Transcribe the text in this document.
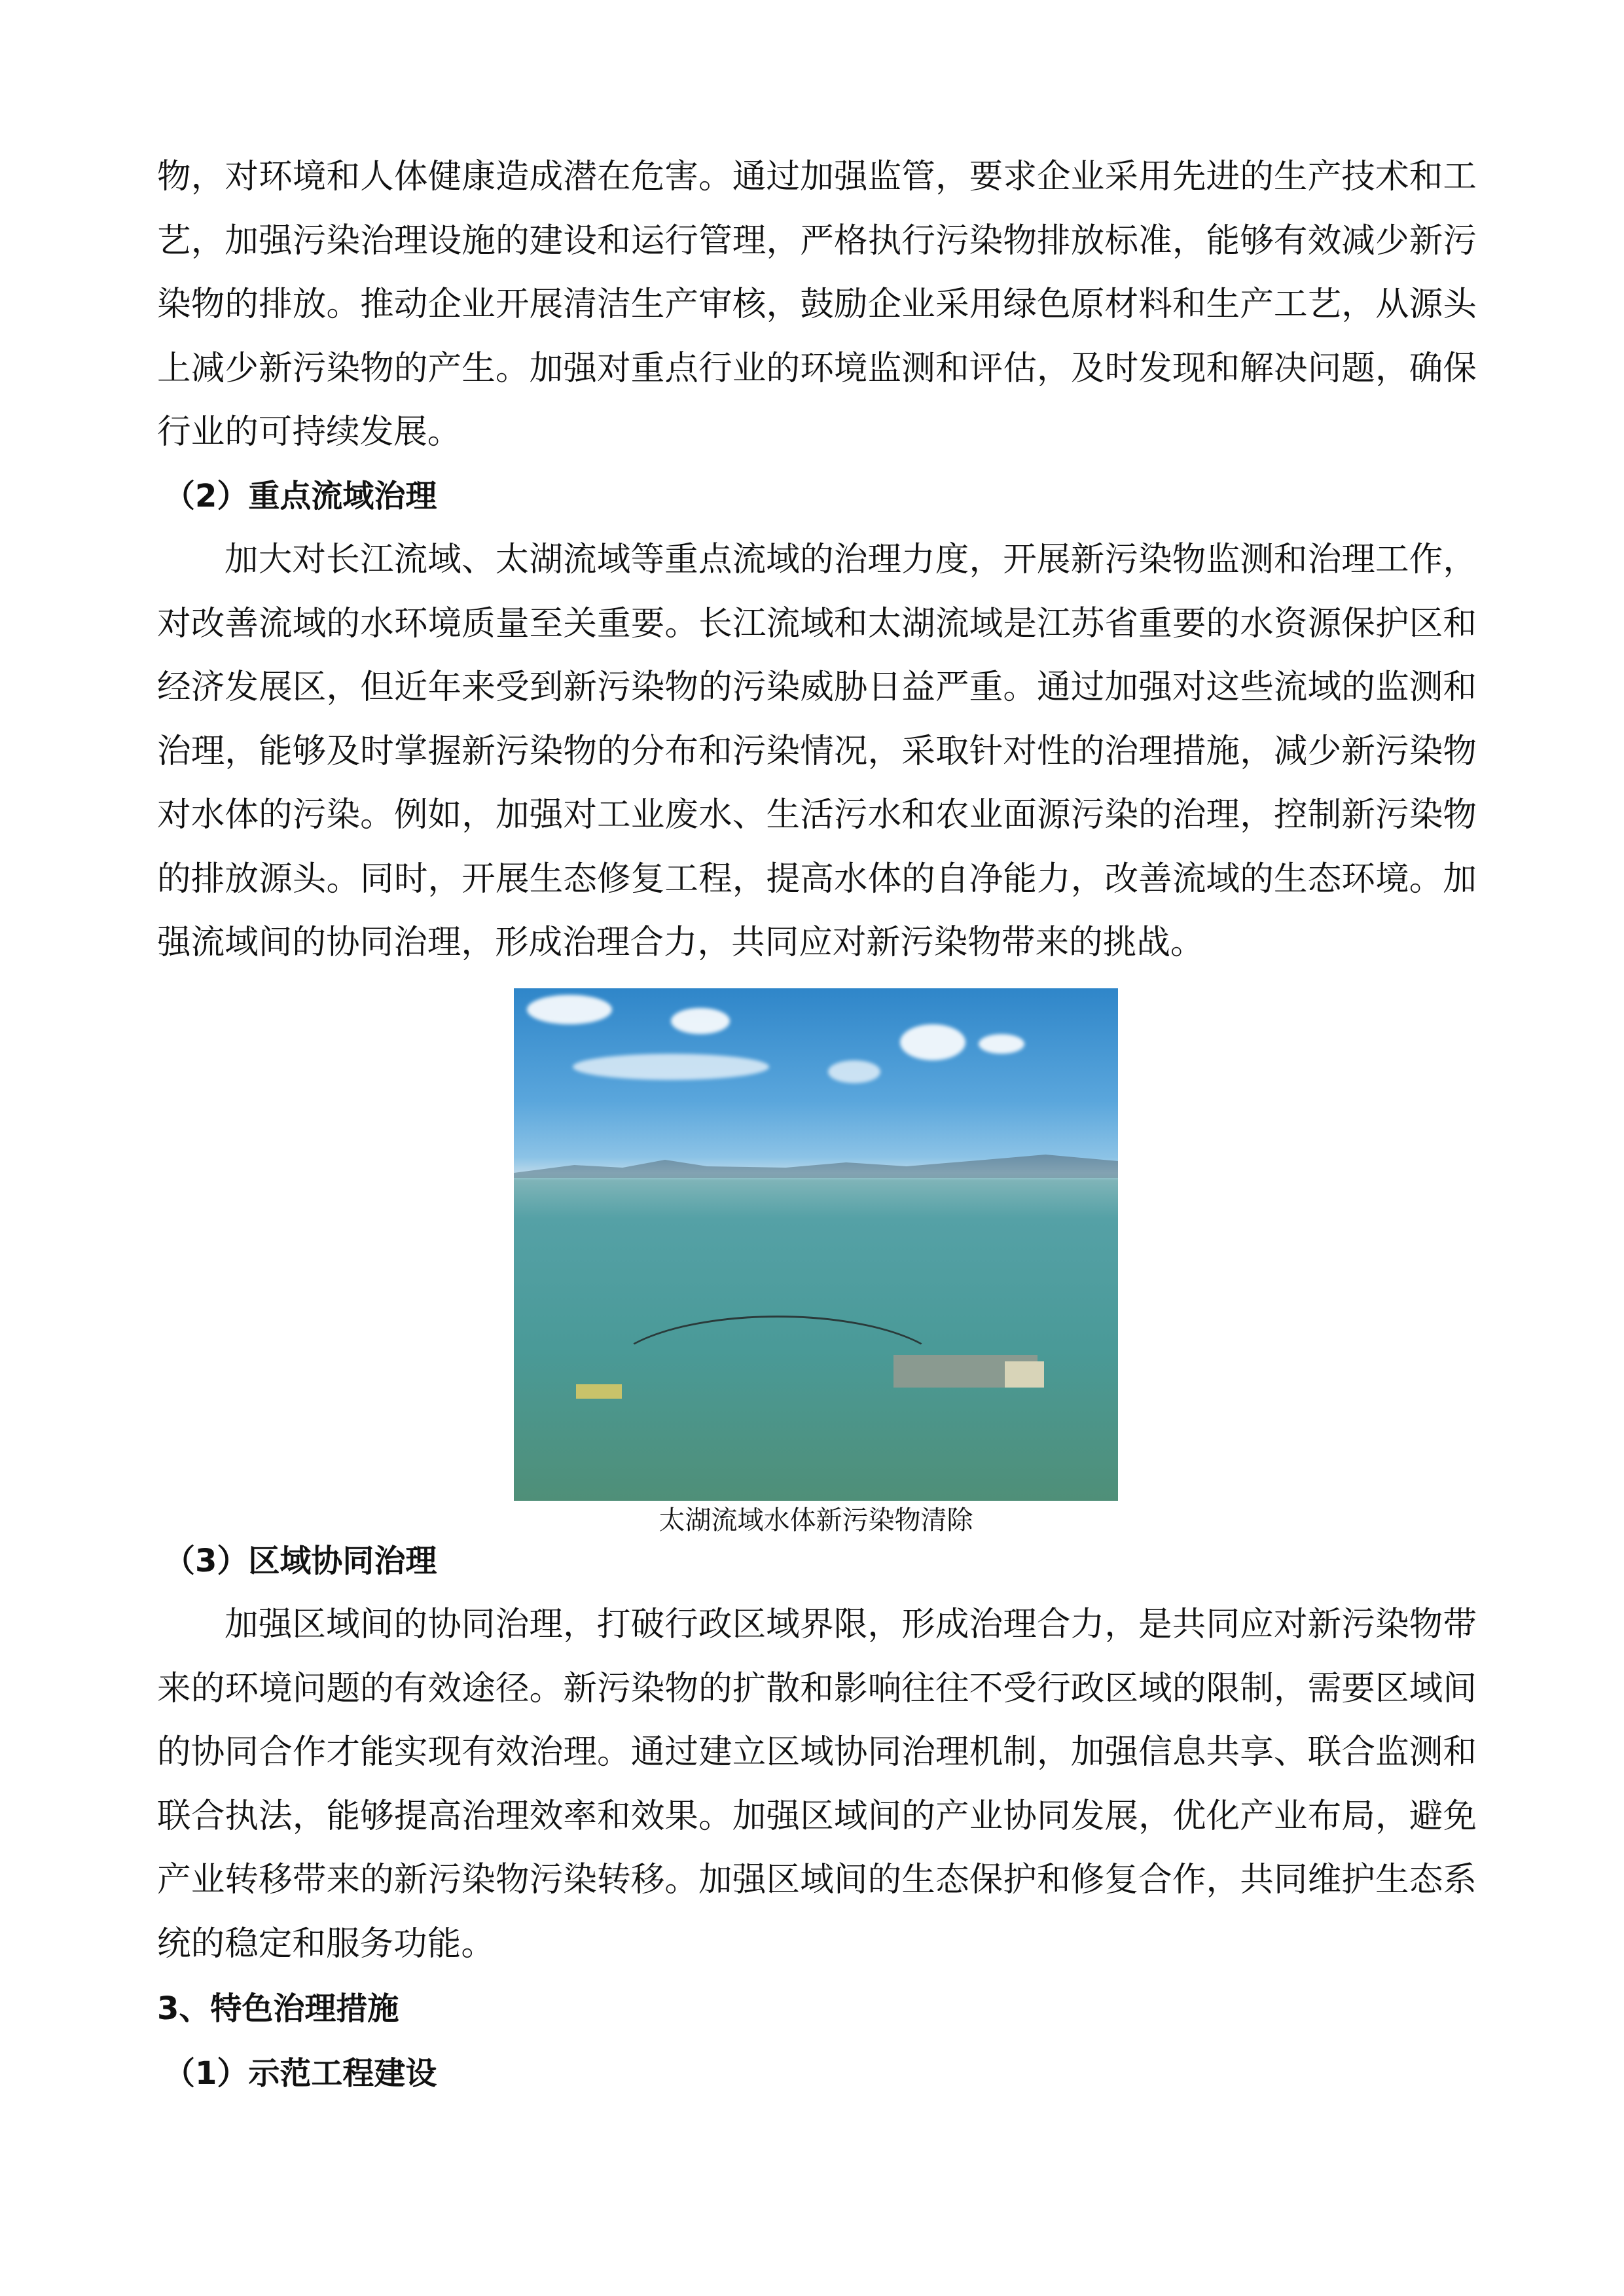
物，对环境和人体健康造成潜在危害。通过加强监管，要求企业采用先进的生产技术和工艺，加强污染治理设施的建设和运行管理，严格执行污染物排放标准，能够有效减少新污染物的排放。推动企业开展清洁生产审核，鼓励企业采用绿色原材料和生产工艺，从源头上减少新污染物的产生。加强对重点行业的环境监测和评估，及时发现和解决问题，确保行业的可持续发展。
（2）重点流域治理
加大对长江流域、太湖流域等重点流域的治理力度，开展新污染物监测和治理工作，对改善流域的水环境质量至关重要。长江流域和太湖流域是江苏省重要的水资源保护区和经济发展区，但近年来受到新污染物的污染威胁日益严重。通过加强对这些流域的监测和治理，能够及时掌握新污染物的分布和污染情况，采取针对性的治理措施，减少新污染物对水体的污染。例如，加强对工业废水、生活污水和农业面源污染的治理，控制新污染物的排放源头。同时，开展生态修复工程，提高水体的自净能力，改善流域的生态环境。加强流域间的协同治理，形成治理合力，共同应对新污染物带来的挑战。
太湖流域水体新污染物清除
（3）区域协同治理
加强区域间的协同治理，打破行政区域界限，形成治理合力，是共同应对新污染物带来的环境问题的有效途径。新污染物的扩散和影响往往不受行政区域的限制，需要区域间的协同合作才能实现有效治理。通过建立区域协同治理机制，加强信息共享、联合监测和联合执法，能够提高治理效率和效果。加强区域间的产业协同发展，优化产业布局，避免产业转移带来的新污染物污染转移。加强区域间的生态保护和修复合作，共同维护生态系统的稳定和服务功能。
3、特色治理措施
（1）示范工程建设
